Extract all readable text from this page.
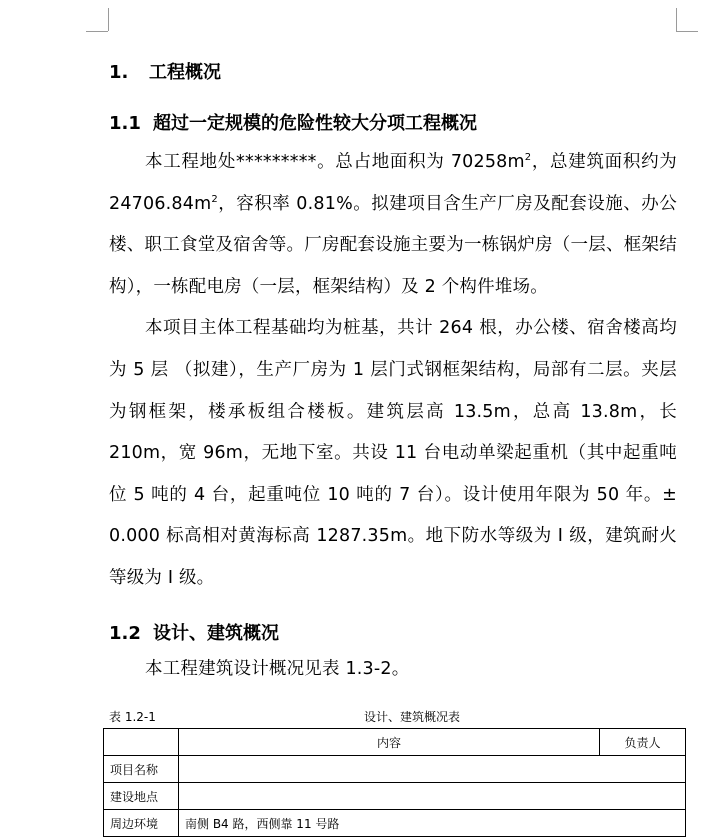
1. 工程概况
1.1 超过一定规模的危险性较大分项工程概况

本工程地处*********。总占地面积为 $70258m^2$，总建筑面积约为 $24706.84m^2$，容积率 0.81%。拟建项目含生产厂房及配套设施、办公楼、职工食堂及宿舍等。厂房配套设施主要为一栋锅炉房（一层、框架结构），一栋配电房（一层，框架结构）及 2 个构件堆场。

本项目主体工程基础均为桩基，共计 264 根，办公楼、宿舍楼高均为 5 层 （拟建），生产厂房为 1 层门式钢框架结构，局部有二层。夹层为钢框架，楼承板组合楼板。建筑层高 13.5m，总高 13.8m，长 210m，宽 96m，无地下室。共设 11 台电动单梁起重机（其中起重吨位 5 吨的 4 台，起重吨位 10 吨的 7 台）。设计使用年限为 50 年。± 0.000 标高相对黄海标高 1287.35m。地下防水等级为 I 级，建筑耐火等级为 I 级。

1.2 设计、建筑概况

本工程建筑设计概况见表 1.3-2。

表 1.2-1	设计、建筑概况表
	内容	负责人
项目名称		
建设地点		
周边环境	南侧 B4 路，西侧靠 11 号路	
